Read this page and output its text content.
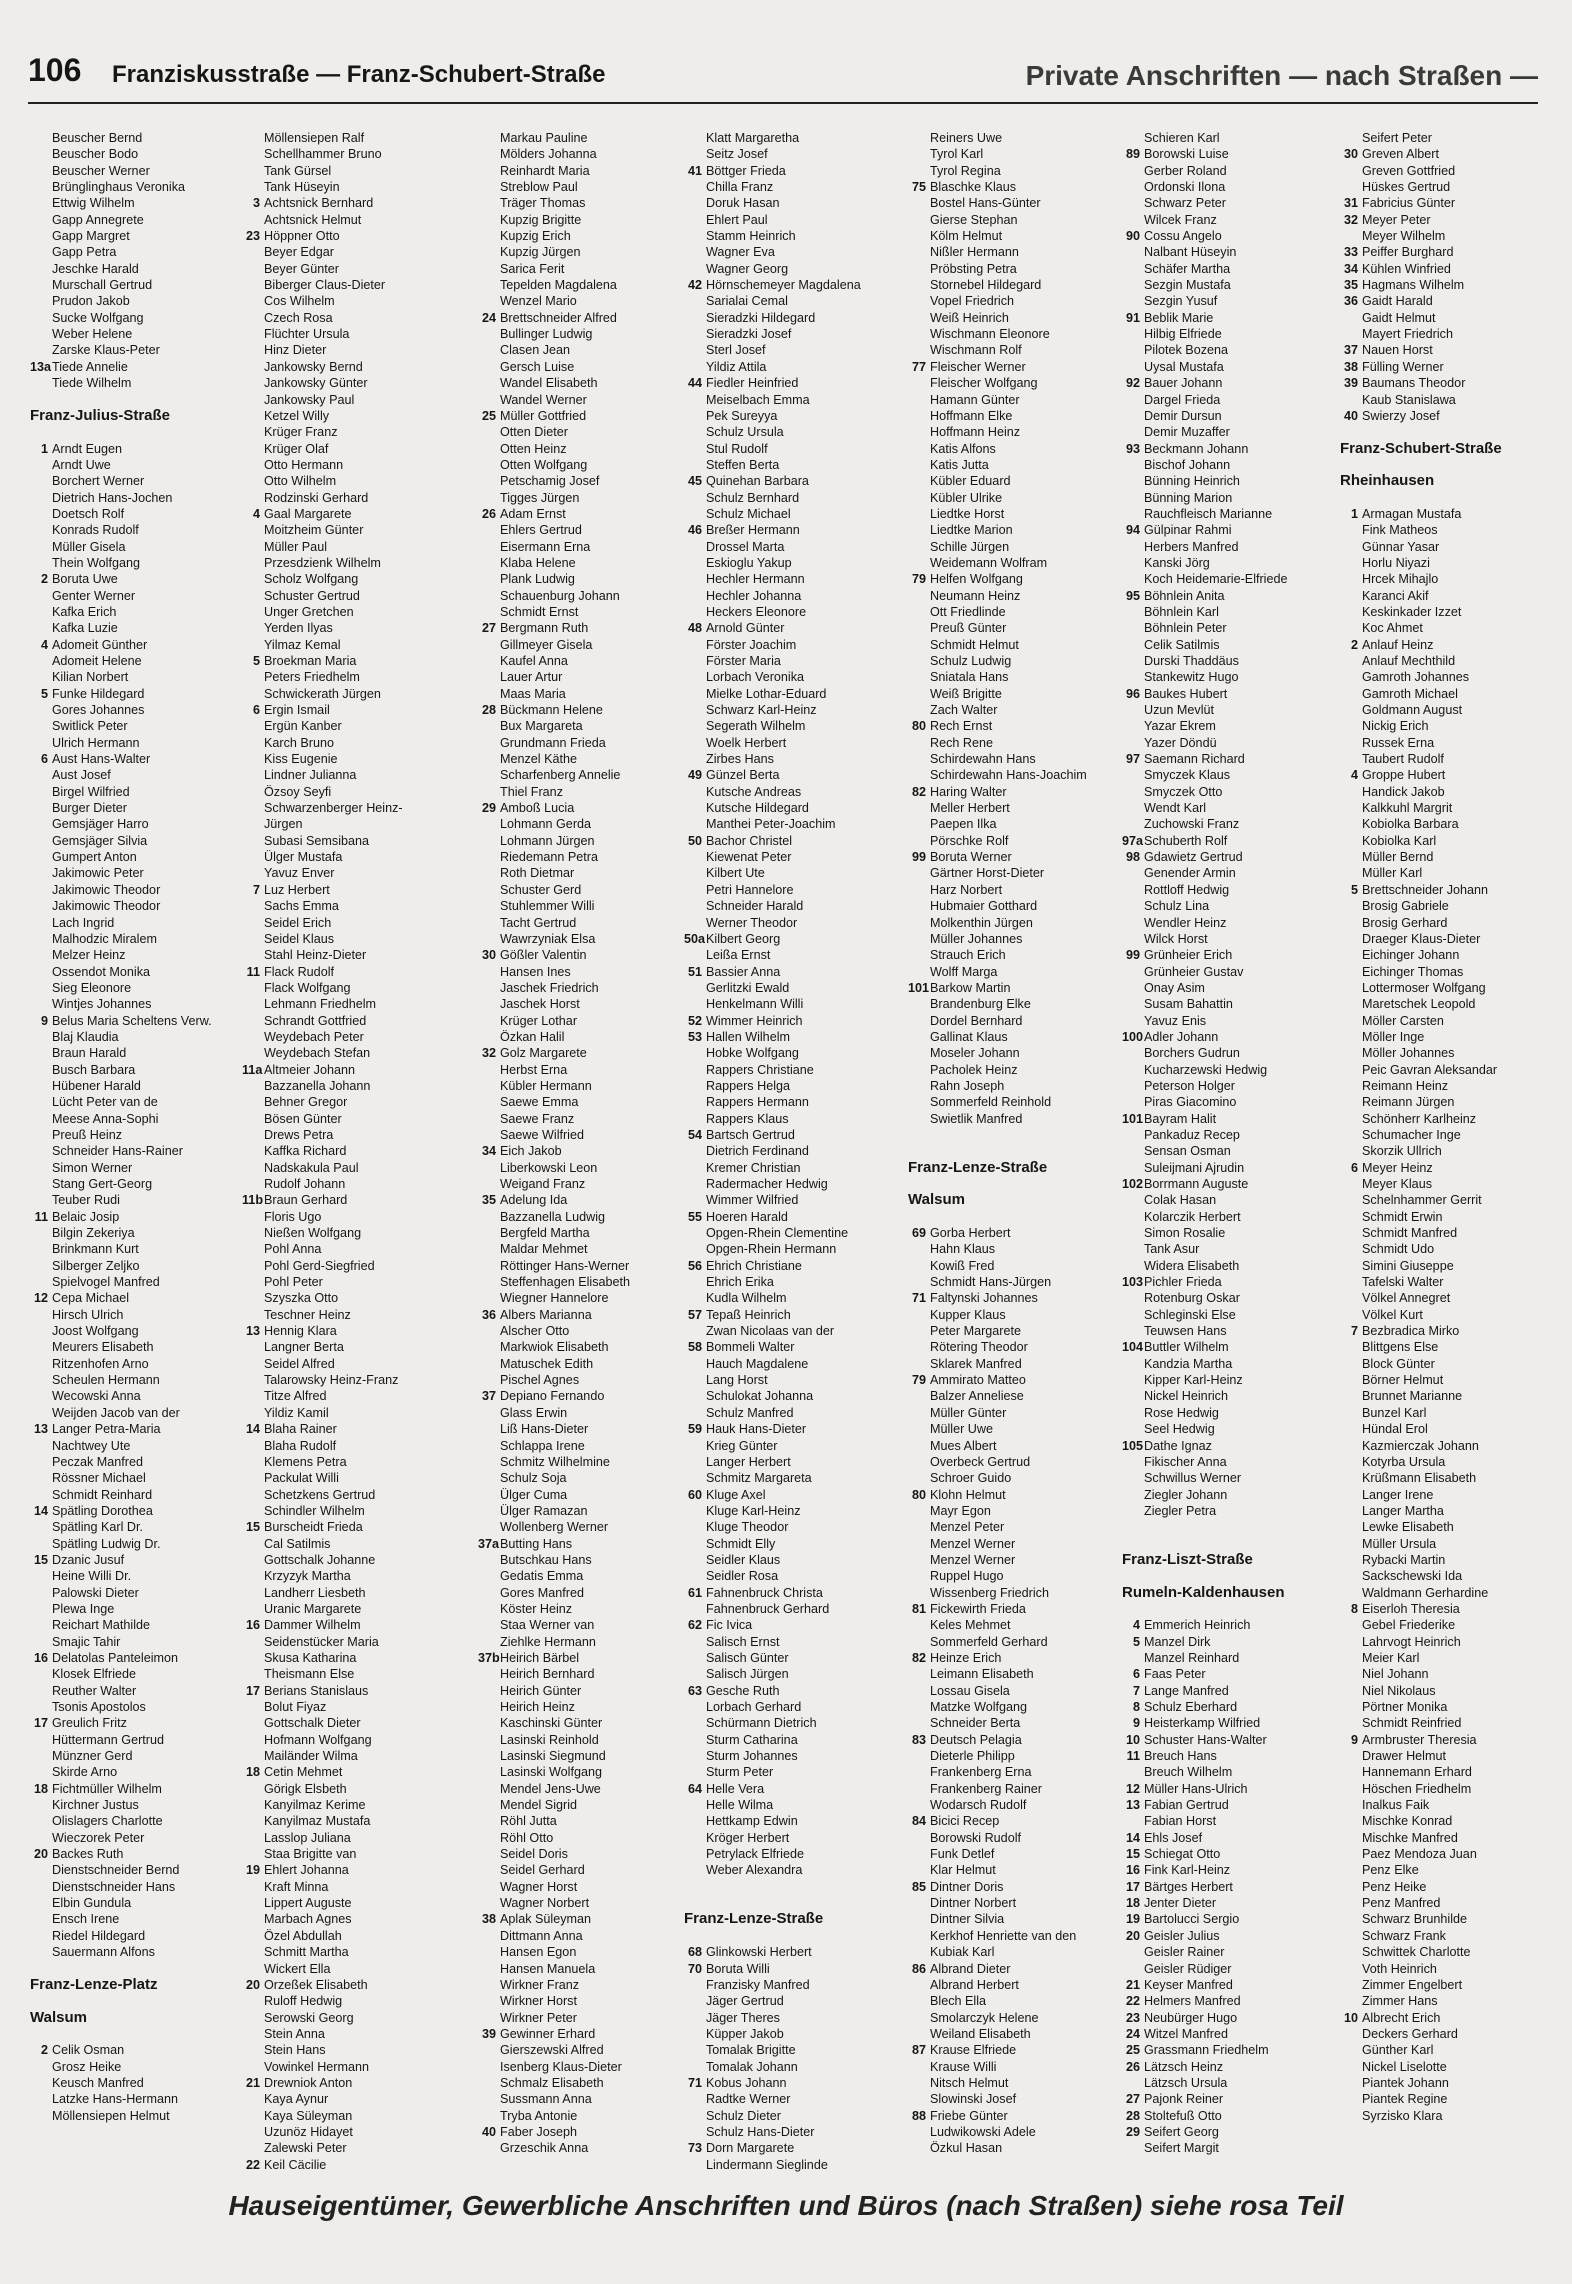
106 Franziskusstraße — Franz-Schubert-Straße	Private Anschriften — nach Straßen —
Beuscher Bernd
Beuscher Bodo
Beuscher Werner
Brünglinghaus Veronika
Ettwig Wilhelm
Gapp Annegrete
Gapp Margret
Gapp Petra
Jeschke Harald
Murschall Gertrud
Prudon Jakob
Sucke Wolfgang
Weber Helene
Zarske Klaus-Peter
13aTiede Annelie
Tiede Wilhelm
Franz-Julius-Straße
1 Arndt Eugen
Arndt Uwe
Borchert Werner
Dietrich Hans-Jochen
Doetsch Rolf
Konrads Rudolf
Müller Gisela
Thein Wolfgang
2 Boruta Uwe
Genter Werner
Kafka Erich
Kafka Luzie
4 Adomeit Günther
Adomeit Helene
Kilian Norbert
5 Funke Hildegard
Gores Johannes
Switlick Peter
Ulrich Hermann
6 Aust Hans-Walter
Aust Josef
Birgel Wilfried
Burger Dieter
Gemsjäger Harro
Gemsjäger Silvia
Gumpert Anton
Jakimowic Peter
Jakimowic Theodor
Jakimowic Theodor
Lach Ingrid
Malhodzic Miralem
Melzer Heinz
Ossendot Monika
Sieg Eleonore
Wintjes Johannes
9 Belus Maria Scheltens Verw.
Blaj Klaudia
Braun Harald
Busch Barbara
Hübener Harald
Lücht Peter van de
Meese Anna-Sophi
Preuß Heinz
Schneider Hans-Rainer
Simon Werner
Stang Gert-Georg
Teuber Rudi
11 Belaic Josip
Bilgin Zekeriya
Brinkmann Kurt
Silberger Zeljko
Spielvogel Manfred
12 Cepa Michael
Hirsch Ulrich
Joost Wolfgang
Meurers Elisabeth
Ritzenhofen Arno
Scheulen Hermann
Wecowski Anna
Weijden Jacob van der
13 Langer Petra-Maria
Nachtwey Ute
Peczak Manfred
Rössner Michael
Schmidt Reinhard
14 Spätling Dorothea
Spätling Karl Dr.
Spätling Ludwig Dr.
15 Dzanic Jusuf
Heine Willi Dr.
Palowski Dieter
Plewa Inge
Reichart Mathilde
Smajic Tahir
16 Delatolas Panteleimon
Klosek Elfriede
Reuther Walter
Tsonis Apostolos
17 Greulich Fritz
Hüttermann Gertrud
Münzner Gerd
Skirde Arno
18 Fichtmüller Wilhelm
Kirchner Justus
Olislagers Charlotte
Wieczorek Peter
20 Backes Ruth
Dienstschneider Bernd
Dienstschneider Hans
Elbin Gundula
Ensch Irene
Riedel Hildegard
Sauermann Alfons
Franz-Lenze-Platz
Walsum
2 Celik Osman
Grosz Heike
Keusch Manfred
Latzke Hans-Hermann
Möllensiepen Helmut
Möllensiepen Ralf
Schellhammer Bruno
Tank Gürsel
Tank Hüseyin
3 Achtsnick Bernhard
Achtsnick Helmut
23 Höppner Otto
Beyer Edgar
Beyer Günter
Biberger Claus-Dieter
Cos Wilhelm
Czech Rosa
Flüchter Ursula
Hinz Dieter
Jankowsky Bernd
Jankowsky Günter
Jankowsky Paul
Ketzel Willy
Krüger Franz
Krüger Olaf
Otto Hermann
Otto Wilhelm
Rodzinski Gerhard
4 Gaal Margarete
Moitzheim Günter
Müller Paul
Przesdzienk Wilhelm
Scholz Wolfgang
Schuster Gertrud
Unger Gretchen
Yerden Ilyas
Yilmaz Kemal
5 Broekman Maria
Peters Friedhelm
Schwickerath Jürgen
6 Ergin Ismail
Ergün Kanber
Karch Bruno
Kiss Eugenie
Lindner Julianna
Özsoy Seyfi
Schwarzenberger Heinz-
Jürgen
Subasi Semsibana
Ülger Mustafa
Yavuz Enver
7 Luz Herbert
Sachs Emma
Seidel Erich
Seidel Klaus
Stahl Heinz-Dieter
11 Flack Rudolf
Flack Wolfgang
Lehmann Friedhelm
Schrandt Gottfried
Weydebach Peter
Weydebach Stefan
11a Altmeier Johann
Bazzanella Johann
Behner Gregor
Bösen Günter
Drews Petra
Kaffka Richard
Nadskakula Paul
Rudolf Johann
11bBraun Gerhard
Floris Ugo
Nießen Wolfgang
Pohl Anna
Pohl Gerd-Siegfried
Pohl Peter
Szyszka Otto
Teschner Heinz
13 Hennig Klara
Langner Berta
Seidel Alfred
Talarowsky Heinz-Franz
Titze Alfred
Yildiz Kamil
14 Blaha Rainer
Blaha Rudolf
Klemens Petra
Packulat Willi
Schetzkens Gertrud
Schindler Wilhelm
15 Burscheidt Frieda
Cal Satilmis
Gottschalk Johanne
Krzyzyk Martha
Landherr Liesbeth
Uranic Margarete
16 Dammer Wilhelm
Seidenstücker Maria
Skusa Katharina
Theismann Else
17 Berians Stanislaus
Bolut Fiyaz
Gottschalk Dieter
Hofmann Wolfgang
Mailänder Wilma
18 Cetin Mehmet
Görigk Elsbeth
Kanyilmaz Kerime
Kanyilmaz Mustafa
Lasslop Juliana
Staa Brigitte van
19 Ehlert Johanna
Kraft Minna
Lippert Auguste
Marbach Agnes
Özel Abdullah
Schmitt Martha
Wickert Ella
20 Orzeßek Elisabeth
Ruloff Hedwig
Serowski Georg
Stein Anna
Stein Hans
Vowinkel Hermann
21 Drewniok Anton
Kaya Aynur
Kaya Süleyman
Uzunöz Hidayet
Zalewski Peter
22 Keil Cäcilie
Markau Pauline
Mölders Johanna
Reinhardt Maria
Streblow Paul
Träger Thomas
Kupzig Brigitte
Kupzig Erich
Kupzig Jürgen
Sarica Ferit
Tepelden Magdalena
Wenzel Mario
24 Brettschneider Alfred
Bullinger Ludwig
Clasen Jean
Gersch Luise
Wandel Elisabeth
Wandel Werner
25 Müller Gottfried
Otten Dieter
Otten Heinz
Otten Wolfgang
Petschamig Josef
Tigges Jürgen
26 Adam Ernst
Ehlers Gertrud
Eisermann Erna
Klaba Helene
Plank Ludwig
Schauenburg Johann
Schmidt Ernst
27 Bergmann Ruth
Gillmeyer Gisela
Kaufel Anna
Lauer Artur
Maas Maria
28 Bückmann Helene
Bux Margareta
Grundmann Frieda
Menzel Käthe
Scharfenberg Annelie
Thiel Franz
29 Amboß Lucia
Lohmann Gerda
Lohmann Jürgen
Riedemann Petra
Roth Dietmar
Schuster Gerd
Stuhlemmer Willi
Tacht Gertrud
Wawrzyniak Elsa
30 Gößler Valentin
Hansen Ines
Jaschek Friedrich
Jaschek Horst
Krüger Lothar
Özkan Halil
32 Golz Margarete
Herbst Erna
Kübler Hermann
Saewe Emma
Saewe Franz
Saewe Wilfried
34 Eich Jakob
Liberkowski Leon
Weigand Franz
35 Adelung Ida
Bazzanella Ludwig
Bergfeld Martha
Maldar Mehmet
Röttinger Hans-Werner
Steffenhagen Elisabeth
Wiegner Hannelore
36 Albers Marianna
Alscher Otto
Markwiok Elisabeth
Matuschek Edith
Pischel Agnes
37 Depiano Fernando
Glass Erwin
Liß Hans-Dieter
Schlappa Irene
Schmitz Wilhelmine
Schulz Soja
Ülger Cuma
Ülger Ramazan
Wollenberg Werner
37aButting Hans
Butschkau Hans
Gedatis Emma
Gores Manfred
Köster Heinz
Staa Werner van
Ziehlke Hermann
37bHeirich Bärbel
Heirich Bernhard
Heirich Günter
Heirich Heinz
Kaschinski Günter
Lasinski Reinhold
Lasinski Siegmund
Lasinski Wolfgang
Mendel Jens-Uwe
Mendel Sigrid
Röhl Jutta
Röhl Otto
Seidel Doris
Seidel Gerhard
Wagner Horst
Wagner Norbert
38 Aplak Süleyman
Dittmann Anna
Hansen Egon
Hansen Manuela
Wirkner Franz
Wirkner Horst
Wirkner Peter
39 Gewinner Erhard
Gierszewski Alfred
Isenberg Klaus-Dieter
Schmalz Elisabeth
Sussmann Anna
Tryba Antonie
40 Faber Joseph
Grzeschik Anna
Klatt Margaretha
Seitz Josef
41 Böttger Frieda
Chilla Franz
Doruk Hasan
Ehlert Paul
Stamm Heinrich
Wagner Eva
Wagner Georg
42 Hörnschemeyer Magdalena
Sarialai Cemal
Sieradzki Hildegard
Sieradzki Josef
Sterl Josef
Yildiz Attila
44 Fiedler Heinfried
Meiselbach Emma
Pek Sureyya
Schulz Ursula
Stul Rudolf
Steffen Berta
45 Quinehan Barbara
Schulz Bernhard
Schulz Michael
46 Breßer Hermann
Drossel Marta
Eskioglu Yakup
Hechler Hermann
Hechler Johanna
Heckers Eleonore
48 Arnold Günter
Förster Joachim
Förster Maria
Lorbach Veronika
Mielke Lothar-Eduard
Schwarz Karl-Heinz
Segerath Wilhelm
Woelk Herbert
Zirbes Hans
49 Günzel Berta
Kutsche Andreas
Kutsche Hildegard
Manthei Peter-Joachim
50 Bachor Christel
Kiewenat Peter
Kilbert Ute
Petri Hannelore
Schneider Harald
Werner Theodor
50aKilbert Georg
Leißa Ernst
51 Bassier Anna
Gerlitzki Ewald
Henkelmann Willi
52 Wimmer Heinrich
53 Hallen Wilhelm
Hobke Wolfgang
Rappers Christiane
Rappers Helga
Rappers Hermann
Rappers Klaus
54 Bartsch Gertrud
Dietrich Ferdinand
Kremer Christian
Radermacher Hedwig
Wimmer Wilfried
55 Hoeren Harald
Opgen-Rhein Clementine
Opgen-Rhein Hermann
56 Ehrich Christiane
Ehrich Erika
Kudla Wilhelm
57 Tepaß Heinrich
Zwan Nicolaas van der
58 Bommeli Walter
Hauch Magdalene
Lang Horst
Schulokat Johanna
Schulz Manfred
59 Hauk Hans-Dieter
Krieg Günter
Langer Herbert
Schmitz Margareta
60 Kluge Axel
Kluge Karl-Heinz
Kluge Theodor
Schmidt Elly
Seidler Klaus
Seidler Rosa
61 Fahnenbruck Christa
Fahnenbruck Gerhard
62 Fic Ivica
Salisch Ernst
Salisch Günter
Salisch Jürgen
63 Gesche Ruth
Lorbach Gerhard
Schürmann Dietrich
Sturm Catharina
Sturm Johannes
Sturm Peter
64 Helle Vera
Helle Wilma
Hettkamp Edwin
Kröger Herbert
Petrylack Elfriede
Weber Alexandra
Franz-Lenze-Straße
68 Glinkowski Herbert
70 Boruta Willi
Franzisky Manfred
Jäger Gertrud
Jäger Theres
Küpper Jakob
Tomalak Brigitte
Tomalak Johann
71 Kobus Johann
Radtke Werner
Schulz Dieter
Schulz Hans-Dieter
73 Dorn Margarete
Lindermann Sieglinde
Reiners Uwe
Tyrol Karl
Tyrol Regina
75 Blaschke Klaus
Bostel Hans-Günter
Gierse Stephan
Kölm Helmut
Nißler Hermann
Pröbsting Petra
Stornebel Hildegard
Vopel Friedrich
Weiß Heinrich
Wischmann Eleonore
Wischmann Rolf
77 Fleischer Werner
Fleischer Wolfgang
Hamann Günter
Hoffmann Elke
Hoffmann Heinz
Katis Alfons
Katis Jutta
Kübler Eduard
Kübler Ulrike
Liedtke Horst
Liedtke Marion
Schille Jürgen
Weidemann Wolfram
79 Helfen Wolfgang
Neumann Heinz
Ott Friedlinde
Preuß Günter
Schmidt Helmut
Schulz Ludwig
Sniatala Hans
Weiß Brigitte
Zach Walter
80 Rech Ernst
Rech Rene
Schirdewahn Hans
Schirdewahn Hans-Joachim
82 Haring Walter
Meller Herbert
Paepen Ilka
Pörschke Rolf
99 Boruta Werner
Gärtner Horst-Dieter
Harz Norbert
Hubmaier Gotthard
Molkenthin Jürgen
Müller Johannes
Strauch Erich
Wolff Marga
101Barkow Martin
Brandenburg Elke
Dordel Bernhard
Gallinat Klaus
Moseler Johann
Pacholek Heinz
Rahn Joseph
Sommerfeld Reinhold
Swietlik Manfred
Franz-Lenze-Straße
Walsum
69 Gorba Herbert
Hahn Klaus
Kowiß Fred
Schmidt Hans-Jürgen
71 Faltynski Johannes
Kupper Klaus
Peter Margarete
Rötering Theodor
Sklarek Manfred
79 Ammirato Matteo
Balzer Anneliese
Müller Günter
Müller Uwe
Mues Albert
Overbeck Gertrud
Schroer Guido
80 Klohn Helmut
Mayr Egon
Menzel Peter
Menzel Werner
Menzel Werner
Ruppel Hugo
Wissenberg Friedrich
81 Fickewirth Frieda
Keles Mehmet
Sommerfeld Gerhard
82 Heinze Erich
Leimann Elisabeth
Lossau Gisela
Matzke Wolfgang
Schneider Berta
83 Deutsch Pelagia
Dieterle Philipp
Frankenberg Erna
Frankenberg Rainer
Wodarsch Rudolf
84 Bicici Recep
Borowski Rudolf
Funk Detlef
Klar Helmut
85 Dintner Doris
Dintner Norbert
Dintner Silvia
Kerkhof Henriette van den
Kubiak Karl
86 Albrand Dieter
Albrand Herbert
Blech Ella
Smolarczyk Helene
Weiland Elisabeth
87 Krause Elfriede
Krause Willi
Nitsch Helmut
Slowinski Josef
88 Friebe Günter
Ludwikowski Adele
Özkul Hasan
Schieren Karl
89 Borowski Luise
Gerber Roland
Ordonski Ilona
Schwarz Peter
Wilcek Franz
90 Cossu Angelo
Nalbant Hüseyin
Schäfer Martha
Sezgin Mustafa
Sezgin Yusuf
91 Beblik Marie
Hilbig Elfriede
Pilotek Bozena
Uysal Mustafa
92 Bauer Johann
Dargel Frieda
Demir Dursun
Demir Muzaffer
93 Beckmann Johann
Bischof Johann
Bünning Heinrich
Bünning Marion
Rauchfleisch Marianne
94 Gülpinar Rahmi
Herbers Manfred
Kanski Jörg
Koch Heidemarie-Elfriede
95 Böhnlein Anita
Böhnlein Karl
Böhnlein Peter
Celik Satilmis
Durski Thaddäus
Stankewitz Hugo
96 Baukes Hubert
Uzun Mevlüt
Yazar Ekrem
Yazer Döndü
97 Saemann Richard
Smyczek Klaus
Smyczek Otto
Wendt Karl
Zuchowski Franz
97aSchuberth Rolf
98 Gdawietz Gertrud
Genender Armin
Rottloff Hedwig
Schulz Lina
Wendler Heinz
Wilck Horst
99 Grünheier Erich
Grünheier Gustav
Onay Asim
Susam Bahattin
Yavuz Enis
100Adler Johann
Borchers Gudrun
Kucharzewski Hedwig
Peterson Holger
Piras Giacomino
101Bayram Halit
Pankaduz Recep
Sensan Osman
Suleijmani Ajrudin
102Borrmann Auguste
Colak Hasan
Kolarczik Herbert
Simon Rosalie
Tank Asur
Widera Elisabeth
103Pichler Frieda
Rotenburg Oskar
Schleginski Else
Teuwsen Hans
104Buttler Wilhelm
Kandzia Martha
Kipper Karl-Heinz
Nickel Heinrich
Rose Hedwig
Seel Hedwig
105Dathe Ignaz
Fikischer Anna
Schwillus Werner
Ziegler Johann
Ziegler Petra
Franz-Liszt-Straße
Rumeln-Kaldenhausen
4 Emmerich Heinrich
5 Manzel Dirk
Manzel Reinhard
6 Faas Peter
7 Lange Manfred
8 Schulz Eberhard
9 Heisterkamp Wilfried
10 Schuster Hans-Walter
11 Breuch Hans
Breuch Wilhelm
12 Müller Hans-Ulrich
13 Fabian Gertrud
Fabian Horst
14 Ehls Josef
15 Schiegat Otto
16 Fink Karl-Heinz
17 Bärtges Herbert
18 Jenter Dieter
19 Bartolucci Sergio
20 Geisler Julius
Geisler Rainer
Geisler Rüdiger
21 Keyser Manfred
22 Helmers Manfred
23 Neubürger Hugo
24 Witzel Manfred
25 Grassmann Friedhelm
26 Lätzsch Heinz
Lätzsch Ursula
27 Pajonk Reiner
28 Stoltefuß Otto
29 Seifert Georg
Seifert Margit
Seifert Peter
30 Greven Albert
Greven Gottfried
Hüskes Gertrud
31 Fabricius Günter
32 Meyer Peter
Meyer Wilhelm
33 Peiffer Burghard
34 Kühlen Winfried
35 Hagmans Wilhelm
36 Gaidt Harald
Gaidt Helmut
Mayert Friedrich
37 Nauen Horst
38 Fülling Werner
39 Baumans Theodor
Kaub Stanislawa
40 Swierzy Josef
Franz-Schubert-Straße
Rheinhausen
1 Armagan Mustafa
Fink Matheos
Günnar Yasar
Horlu Niyazi
Hrcek Mihajlo
Karanci Akif
Keskinkader Izzet
Koc Ahmet
2 Anlauf Heinz
Anlauf Mechthild
Gamroth Johannes
Gamroth Michael
Goldmann August
Nickig Erich
Russek Erna
Taubert Rudolf
4 Groppe Hubert
Handick Jakob
Kalkkuhl Margrit
Kobiolka Barbara
Kobiolka Karl
Müller Bernd
Müller Karl
5 Brettschneider Johann
Brosig Gabriele
Brosig Gerhard
Draeger Klaus-Dieter
Eichinger Johann
Eichinger Thomas
Lottermoser Wolfgang
Maretschek Leopold
Möller Carsten
Möller Inge
Möller Johannes
Peic Gavran Aleksandar
Reimann Heinz
Reimann Jürgen
Schönherr Karlheinz
Schumacher Inge
Skorzik Ullrich
6 Meyer Heinz
Meyer Klaus
Schelnhammer Gerrit
Schmidt Erwin
Schmidt Manfred
Schmidt Udo
Simini Giuseppe
Tafelski Walter
Völkel Annegret
Völkel Kurt
7 Bezbradica Mirko
Blittgens Else
Block Günter
Börner Helmut
Brunnet Marianne
Bunzel Karl
Hündal Erol
Kazmierczak Johann
Kotyrba Ursula
Krüßmann Elisabeth
Langer Irene
Langer Martha
Lewke Elisabeth
Müller Ursula
Rybacki Martin
Sackschewski Ida
Waldmann Gerhardine
8 Eiserloh Theresia
Gebel Friederike
Lahrvogt Heinrich
Meier Karl
Niel Johann
Niel Nikolaus
Pörtner Monika
Schmidt Reinfried
9 Armbruster Theresia
Drawer Helmut
Hannemann Erhard
Höschen Friedhelm
Inalkus Faik
Mischke Konrad
Mischke Manfred
Paez Mendoza Juan
Penz Elke
Penz Heike
Penz Manfred
Schwarz Brunhilde
Schwarz Frank
Schwittek Charlotte
Voth Heinrich
Zimmer Engelbert
Zimmer Hans
10 Albrecht Erich
Deckers Gerhard
Günther Karl
Nickel Liselotte
Piantek Johann
Piantek Regine
Syrzisko Klara
Hauseigentümer, Gewerbliche Anschriften und Büros (nach Straßen) siehe rosa Teil
